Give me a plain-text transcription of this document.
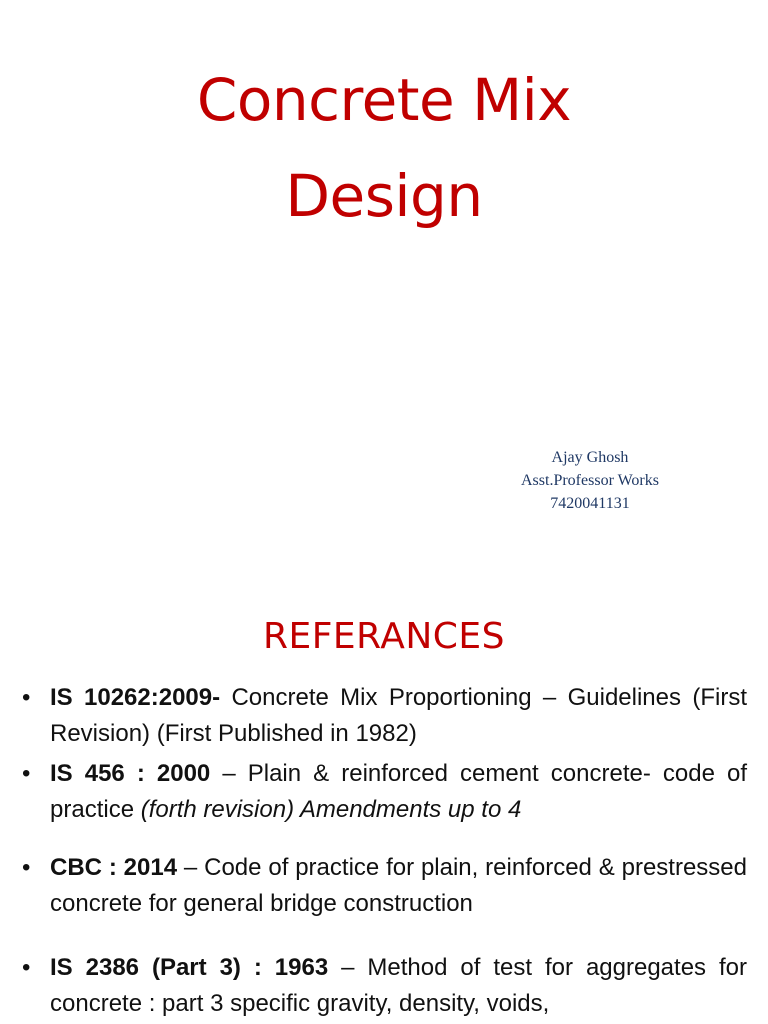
Concrete Mix
Design
Ajay Ghosh
Asst.Professor Works
7420041131
REFERANCES
• IS 10262:2009- Concrete Mix Proportioning – Guidelines (First Revision) (First Published in 1982)
• IS 456 : 2000 – Plain & reinforced cement concrete- code of practice (forth revision) Amendments up to 4
• CBC : 2014 – Code of practice for plain, reinforced & prestressed concrete for general bridge construction
• IS 2386 (Part 3) : 1963 – Method of test for aggregates for concrete : part 3 specific gravity, density, voids,
